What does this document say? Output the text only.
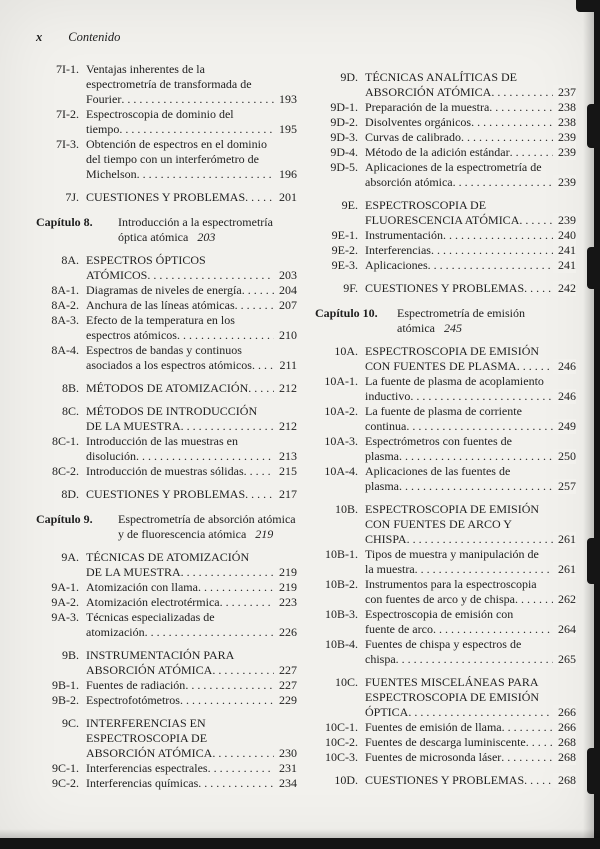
x Contenido
7I-1. Ventajas inherentes de la espectrometría de transformada de Fourier . . .	193
7I-2. Espectroscopia de dominio del tiempo . . .	195
7I-3. Obtención de espectros en el dominio del tiempo con un interferómetro de Michelson . . .	196
7J. CUESTIONES Y PROBLEMAS . . .	201
Capítulo 8.	Introducción a la espectrometría óptica atómica 203
8A. ESPECTROS ÓPTICOS ATÓMICOS . . .	203
8A-1. Diagramas de niveles de energía . . .	204
8A-2. Anchura de las líneas atómicas . . .	207
8A-3. Efecto de la temperatura en los espectros atómicos . . .	210
8A-4. Espectros de bandas y continuos asociados a los espectros atómicos . . .	211
8B. MÉTODOS DE ATOMIZACIÓN . . .	212
8C. MÉTODOS DE INTRODUCCIÓN DE LA MUESTRA . . .	212
8C-1. Introducción de las muestras en disolución . . .	213
8C-2. Introducción de muestras sólidas . . .	215
8D. CUESTIONES Y PROBLEMAS . . .	217
Capítulo 9.	Espectrometría de absorción atómica y de fluorescencia atómica 219
9A. TÉCNICAS DE ATOMIZACIÓN DE LA MUESTRA . . .	219
9A-1. Atomización con llama . . .	219
9A-2. Atomización electrotérmica . . .	223
9A-3. Técnicas especializadas de atomización . . .	226
9B. INSTRUMENTACIÓN PARA ABSORCIÓN ATÓMICA . . .	227
9B-1. Fuentes de radiación . . .	227
9B-2. Espectrofotómetros . . .	229
9C. INTERFERENCIAS EN ESPECTROSCOPIA DE ABSORCIÓN ATÓMICA . . .	230
9C-1. Interferencias espectrales . . .	231
9C-2. Interferencias químicas . . .	234
9D. TÉCNICAS ANALÍTICAS DE ABSORCIÓN ATÓMICA . . .	237
9D-1. Preparación de la muestra . . .	238
9D-2. Disolventes orgánicos . . .	238
9D-3. Curvas de calibrado . . .	239
9D-4. Método de la adición estándar . . .	239
9D-5. Aplicaciones de la espectrometría de absorción atómica . . .	239
9E. ESPECTROSCOPIA DE FLUORESCENCIA ATÓMICA . . .	239
9E-1. Instrumentación . . .	240
9E-2. Interferencias . . .	241
9E-3. Aplicaciones . . .	241
9F. CUESTIONES Y PROBLEMAS . . .	242
Capítulo 10.	Espectrometría de emisión atómica 245
10A. ESPECTROSCOPIA DE EMISIÓN CON FUENTES DE PLASMA . . .	246
10A-1. La fuente de plasma de acoplamiento inductivo . . .	246
10A-2. La fuente de plasma de corriente continua . . .	249
10A-3. Espectrómetros con fuentes de plasma . . .	250
10A-4. Aplicaciones de las fuentes de plasma . . .	257
10B. ESPECTROSCOPIA DE EMISIÓN CON FUENTES DE ARCO Y CHISPA . . .	261
10B-1. Tipos de muestra y manipulación de la muestra . . .	261
10B-2. Instrumentos para la espectroscopia con fuentes de arco y de chispa . . .	262
10B-3. Espectroscopia de emisión con fuente de arco . . .	264
10B-4. Fuentes de chispa y espectros de chispa . . .	265
10C. FUENTES MISCELÁNEAS PARA ESPECTROSCOPIA DE EMISIÓN ÓPTICA . . .	266
10C-1. Fuentes de emisión de llama . . .	266
10C-2. Fuentes de descarga luminiscente . . .	268
10C-3. Fuentes de microsonda láser . . .	268
10D. CUESTIONES Y PROBLEMAS . . .	268
